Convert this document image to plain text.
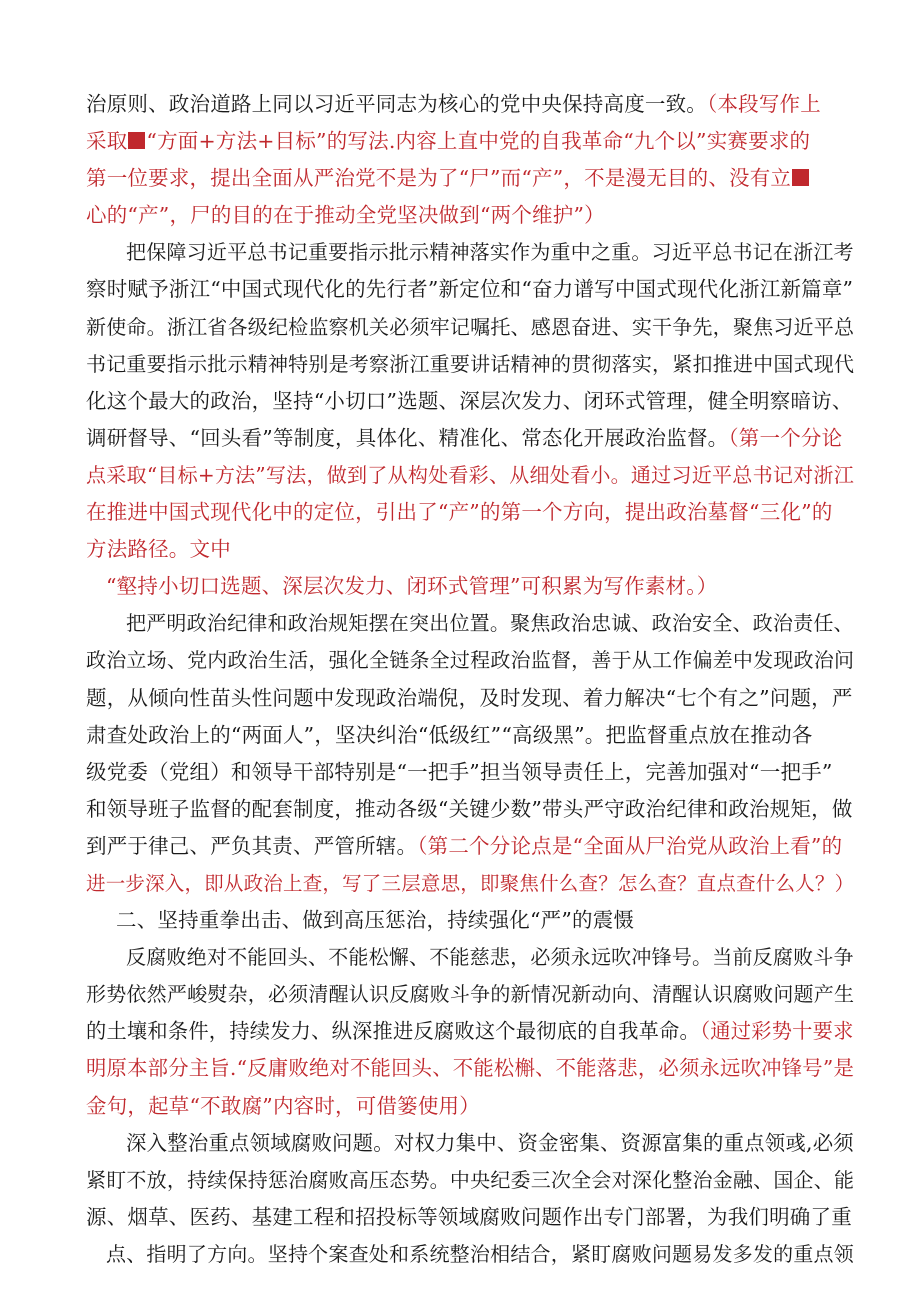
治原则、政治道路上同以习近平同志为核心的党中央保持高度一致。（本段写作上
采取 “方面+方法+目标”的写法.内容上直中党的自我革命“九个以”实赛要求的
第一位要求，提出全面从严治党不是为了“尸”而“产”，不是漫无目的、没有立
心的“产”，尸的目的在于推动全党坚决做到“两个维护”）
把保障习近平总书记重要指示批示精神落实作为重中之重。习近平总书记在浙江考
察时赋予浙江“中国式现代化的先行者”新定位和“奋力谱写中国式现代化浙江新篇章”
新使命。浙江省各级纪检监察机关必须牢记嘱托、感恩奋进、实干争先，聚焦习近平总
书记重要指示批示精神特别是考察浙江重要讲话精神的贯彻落实，紧扣推进中国式现代
化这个最大的政治，坚持“小切口”选题、深层次发力、闭环式管理，健全明察暗访、
调研督导、“回头看”等制度，具体化、精准化、常态化开展政治监督。（第一个分论
点采取“目标+方法”写法，做到了从构处看彩、从细处看小。通过习近平总书记对浙江
在推进中国式现代化中的定位，引出了“产”的第一个方向，提出政治墓督“三化”的
方法路径。文中
“壑持小切口选题、深层次发力、闭环式管理”可积累为写作素材。）
把严明政治纪律和政治规矩摆在突出位置。聚焦政治忠诚、政治安全、政治责任、
政治立场、党内政治生活，强化全链条全过程政治监督，善于从工作偏差中发现政治问
题，从倾向性苗头性问题中发现政治端倪，及时发现、着力解决“七个有之”问题，严
肃查处政治上的“两面人”，坚决纠治“低级红”“高级黑”。把监督重点放在推动各
级党委（党组）和领导干部特别是“一把手”担当领导责任上，完善加强对“一把手”
和领导班子监督的配套制度，推动各级“关键少数”带头严守政治纪律和政治规矩，做
到严于律己、严负其责、严管所辖。（第二个分论点是“全面从尸治党从政治上看”的
进一步深入，即从政治上查，写了三层意思，即聚焦什么查？怎么查？直点查什么人？）
二、坚持重拳出击、做到高压惩治，持续强化“严”的震慑
反腐败绝对不能回头、不能松懈、不能慈悲，必须永远吹冲锋号。当前反腐败斗争
形势依然严峻熨杂，必须清醒认识反腐败斗争的新情况新动向、清醒认识腐败问题产生
的土壤和条件，持续发力、纵深推进反腐败这个最彻底的自我革命。（通过彩势十要求
明原本部分主旨.“反庸败绝对不能回头、不能松槲、不能落悲，必须永远吹冲锋号”是
金句，起草“不敢腐”内容时，可借篓使用）
深入整治重点领域腐败问题。对权力集中、资金密集、资源富集的重点领彧,必须
紧盯不放，持续保持惩治腐败高压态势。中央纪委三次全会对深化整治金融、国企、能
源、烟草、医药、基建工程和招投标等领域腐败问题作出专门部署，为我们明确了重
点、指明了方向。坚持个案查处和系统整治相结合，紧盯腐败问题易发多发的重点领
